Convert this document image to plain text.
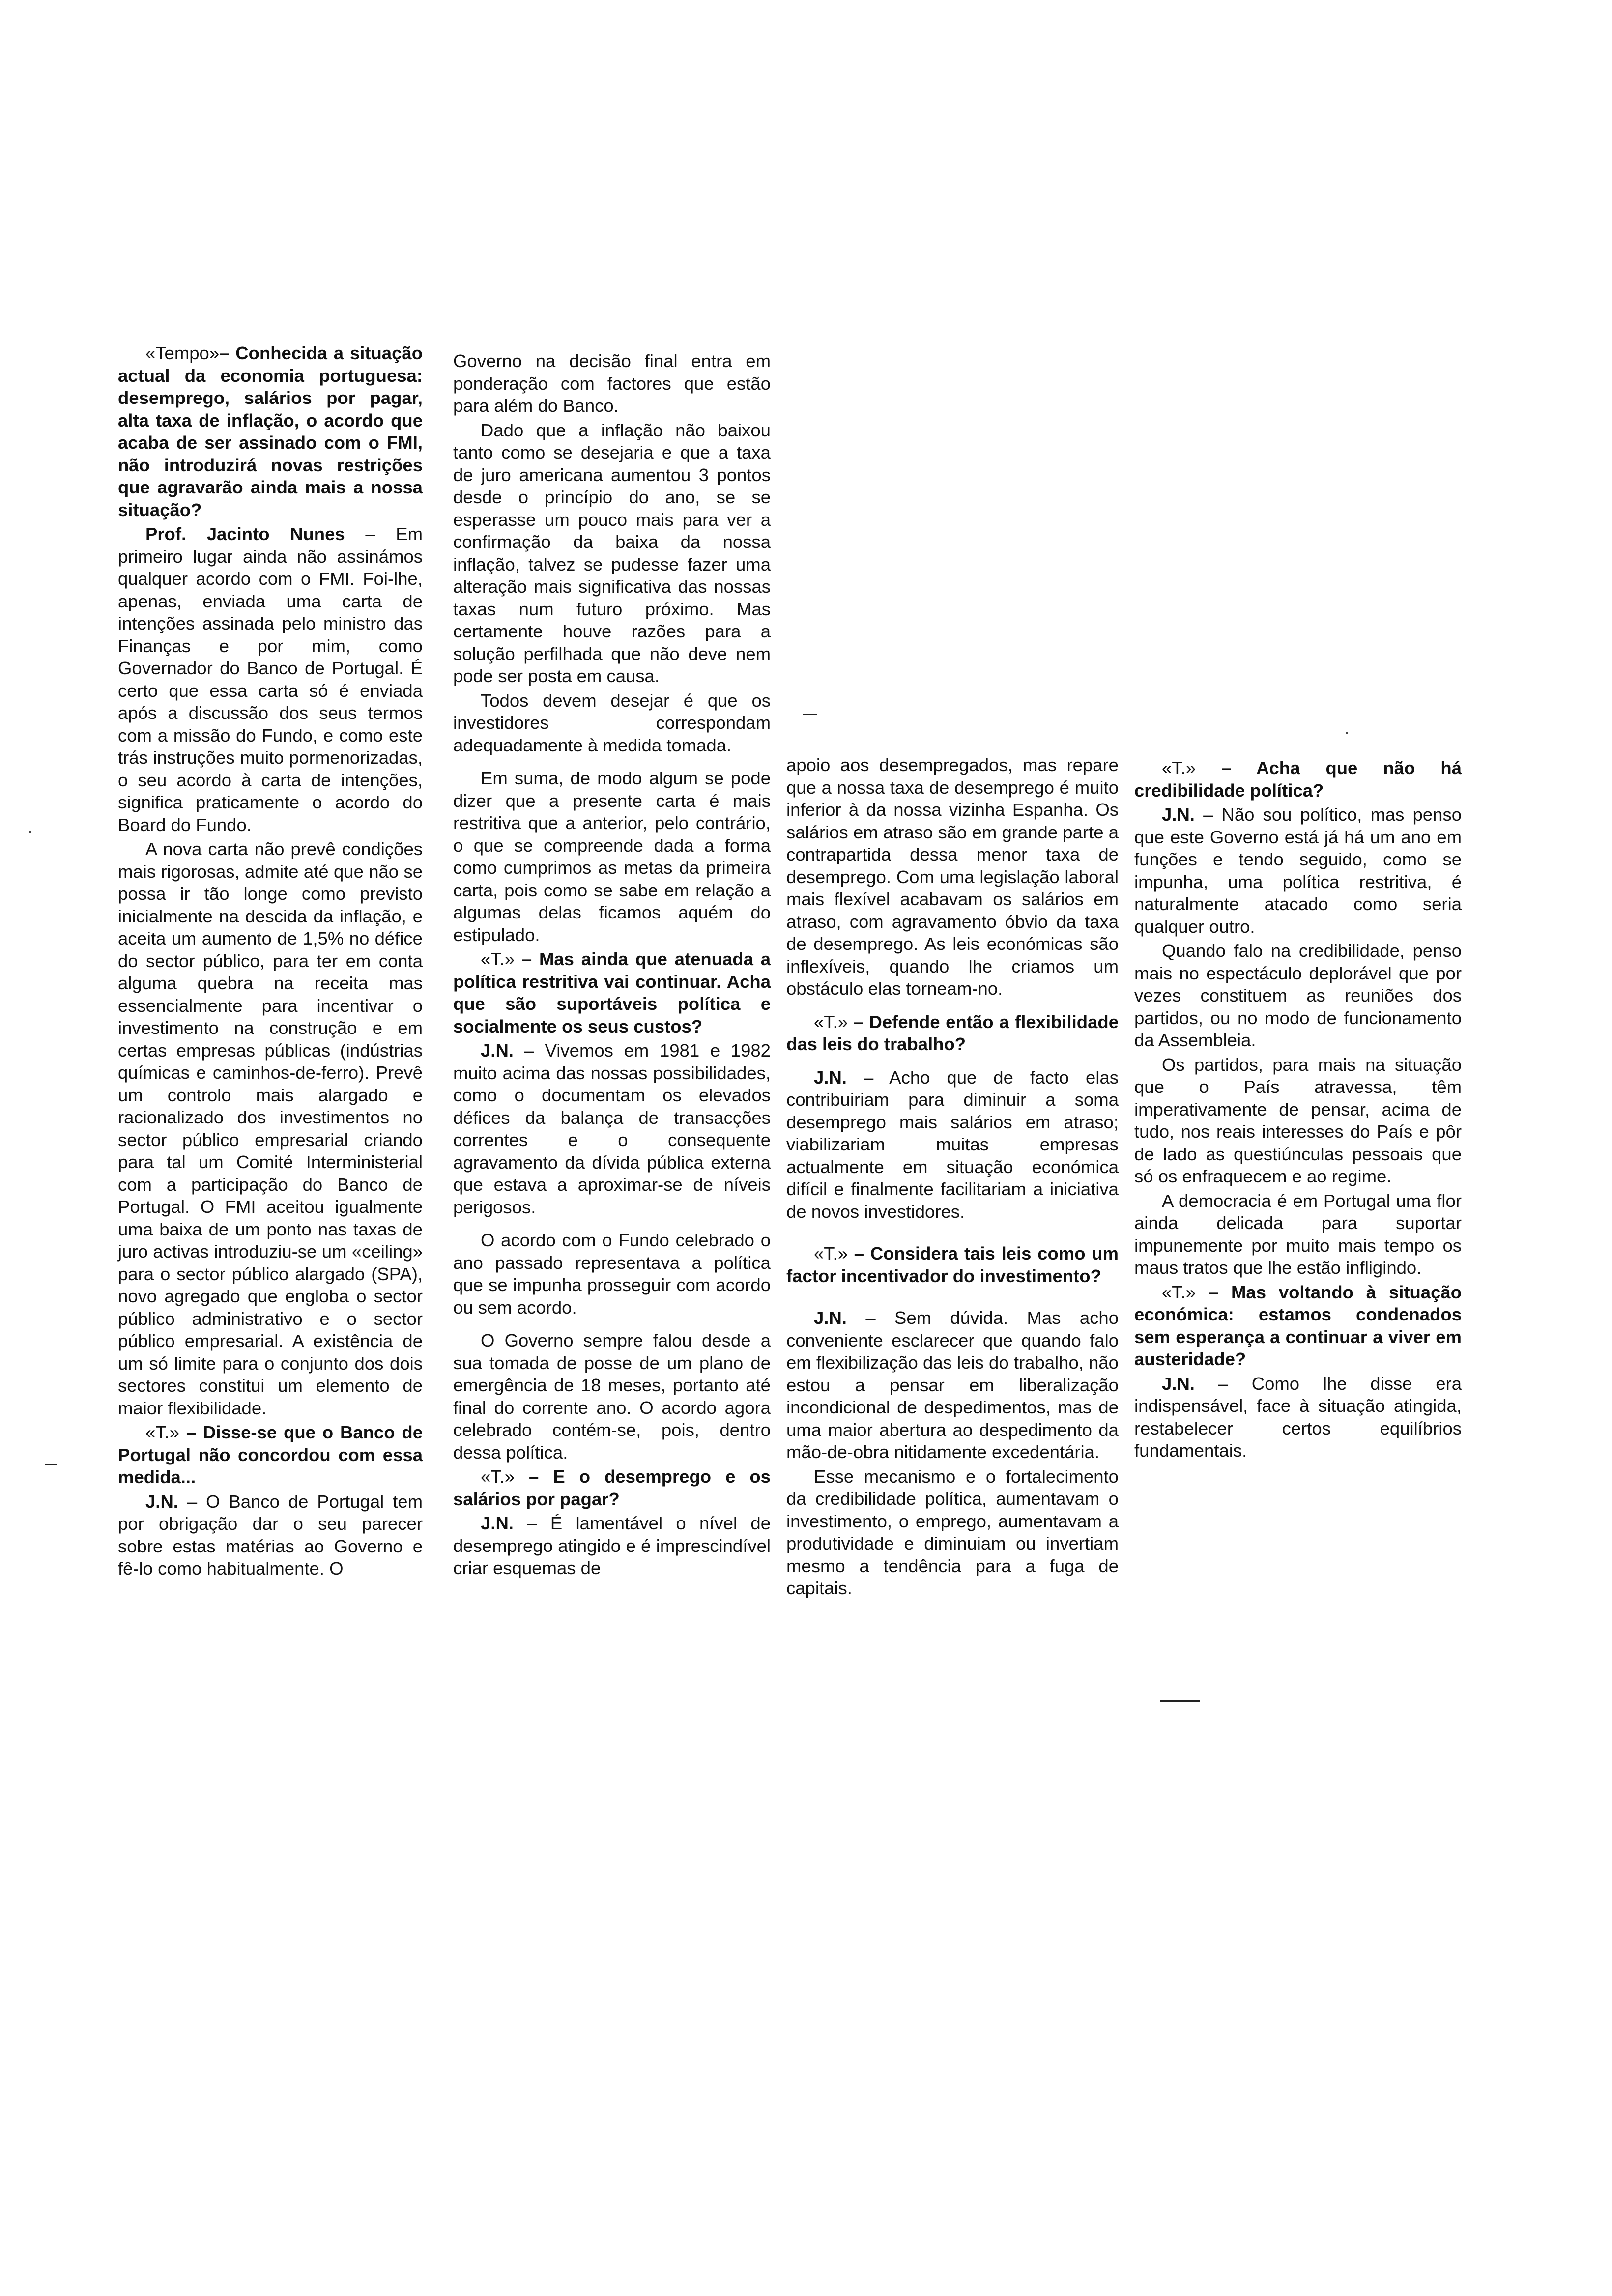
«Tempo»– Conhecida a situação actual da economia portuguesa: desemprego, salários por pagar, alta taxa de inflação, o acordo que acaba de ser assinado com o FMI, não introduzirá novas restrições que agravarão ainda mais a nossa situação?

Prof. Jacinto Nunes – Em primeiro lugar ainda não assinámos qualquer acordo com o FMI. Foi-lhe, apenas, enviada uma carta de intenções assinada pelo ministro das Finanças e por mim, como Governador do Banco de Portugal. É certo que essa carta só é enviada após a discussão dos seus termos com a missão do Fundo, e como este trás instruções muito pormenorizadas, o seu acordo à carta de intenções, significa praticamente o acordo do Board do Fundo.

A nova carta não prevê condições mais rigorosas, admite até que não se possa ir tão longe como previsto inicialmente na descida da inflação, e aceita um aumento de 1,5% no défice do sector público, para ter em conta alguma quebra na receita mas essencialmente para incentivar o investimento na construção e em certas empresas públicas (indústrias químicas e caminhos-de-ferro). Prevê um controlo mais alargado e racionalizado dos investimentos no sector público empresarial criando para tal um Comité Interministerial com a participação do Banco de Portugal. O FMI aceitou igualmente uma baixa de um ponto nas taxas de juro activas introduziu-se um «ceiling» para o sector público alargado (SPA), novo agregado que engloba o sector público administrativo e o sector público empresarial. A existência de um só limite para o conjunto dos dois sectores constitui um elemento de maior flexibilidade.

«T.» – Disse-se que o Banco de Portugal não concordou com essa medida...

J.N. – O Banco de Portugal tem por obrigação dar o seu parecer sobre estas matérias ao Governo e fê-lo como habitualmente. O

Governo na decisão final entra em ponderação com factores que estão para além do Banco.

Dado que a inflação não baixou tanto como se desejaria e que a taxa de juro americana aumentou 3 pontos desde o princípio do ano, se se esperasse um pouco mais para ver a confirmação da baixa da nossa inflação, talvez se pudesse fazer uma alteração mais significativa das nossas taxas num futuro próximo. Mas certamente houve razões para a solução perfilhada que não deve nem pode ser posta em causa.

Todos devem desejar é que os investidores correspondam adequadamente à medida tomada.

Em suma, de modo algum se pode dizer que a presente carta é mais restritiva que a anterior, pelo contrário, o que se compreende dada a forma como cumprimos as metas da primeira carta, pois como se sabe em relação a algumas delas ficamos aquém do estipulado.

«T.» – Mas ainda que atenuada a política restritiva vai continuar. Acha que são suportáveis política e socialmente os seus custos?

J.N. – Vivemos em 1981 e 1982 muito acima das nossas possibilidades, como o documentam os elevados défices da balança de transacções correntes e o consequente agravamento da dívida pública externa que estava a aproximar-se de níveis perigosos.

O acordo com o Fundo celebrado o ano passado representava a política que se impunha prosseguir com acordo ou sem acordo.

O Governo sempre falou desde a sua tomada de posse de um plano de emergência de 18 meses, portanto até final do corrente ano. O acordo agora celebrado contém-se, pois, dentro dessa política.

«T.» – E o desemprego e os salários por pagar?

J.N. – É lamentável o nível de desemprego atingido e é imprescindível criar esquemas de

apoio aos desempregados, mas repare que a nossa taxa de desemprego é muito inferior à da nossa vizinha Espanha. Os salários em atraso são em grande parte a contrapartida dessa menor taxa de desemprego. Com uma legislação laboral mais flexível acabavam os salários em atraso, com agravamento óbvio da taxa de desemprego. As leis económicas são inflexíveis, quando lhe criamos um obstáculo elas torneam-no.

«T.» – Defende então a flexibilidade das leis do trabalho?

J.N. – Acho que de facto elas contribuiriam para diminuir a soma desemprego mais salários em atraso; viabilizariam muitas empresas actualmente em situação económica difícil e finalmente facilitariam a iniciativa de novos investidores.

«T.» – Considera tais leis como um factor incentivador do investimento?

J.N. – Sem dúvida. Mas acho conveniente esclarecer que quando falo em flexibilização das leis do trabalho, não estou a pensar em liberalização incondicional de despedimentos, mas de uma maior abertura ao despedimento da mão-de-obra nitidamente excedentária.

Esse mecanismo e o fortalecimento da credibilidade política, aumentavam o investimento, o emprego, aumentavam a produtividade e diminuiam ou invertiam mesmo a tendência para a fuga de capitais.

«T.» – Acha que não há credibilidade política?

J.N. – Não sou político, mas penso que este Governo está já há um ano em funções e tendo seguido, como se impunha, uma política restritiva, é naturalmente atacado como seria qualquer outro.

Quando falo na credibilidade, penso mais no espectáculo deplorável que por vezes constituem as reuniões dos partidos, ou no modo de funcionamento da Assembleia.

Os partidos, para mais na situação que o País atravessa, têm imperativamente de pensar, acima de tudo, nos reais interesses do País e pôr de lado as questiúnculas pessoais que só os enfraquecem e ao regime.

A democracia é em Portugal uma flor ainda delicada para suportar impunemente por muito mais tempo os maus tratos que lhe estão infligindo.

«T.» – Mas voltando à situação económica: estamos condenados sem esperança a continuar a viver em austeridade?

J.N. – Como lhe disse era indispensável, face à situação atingida, restabelecer certos equilíbrios fundamentais.
